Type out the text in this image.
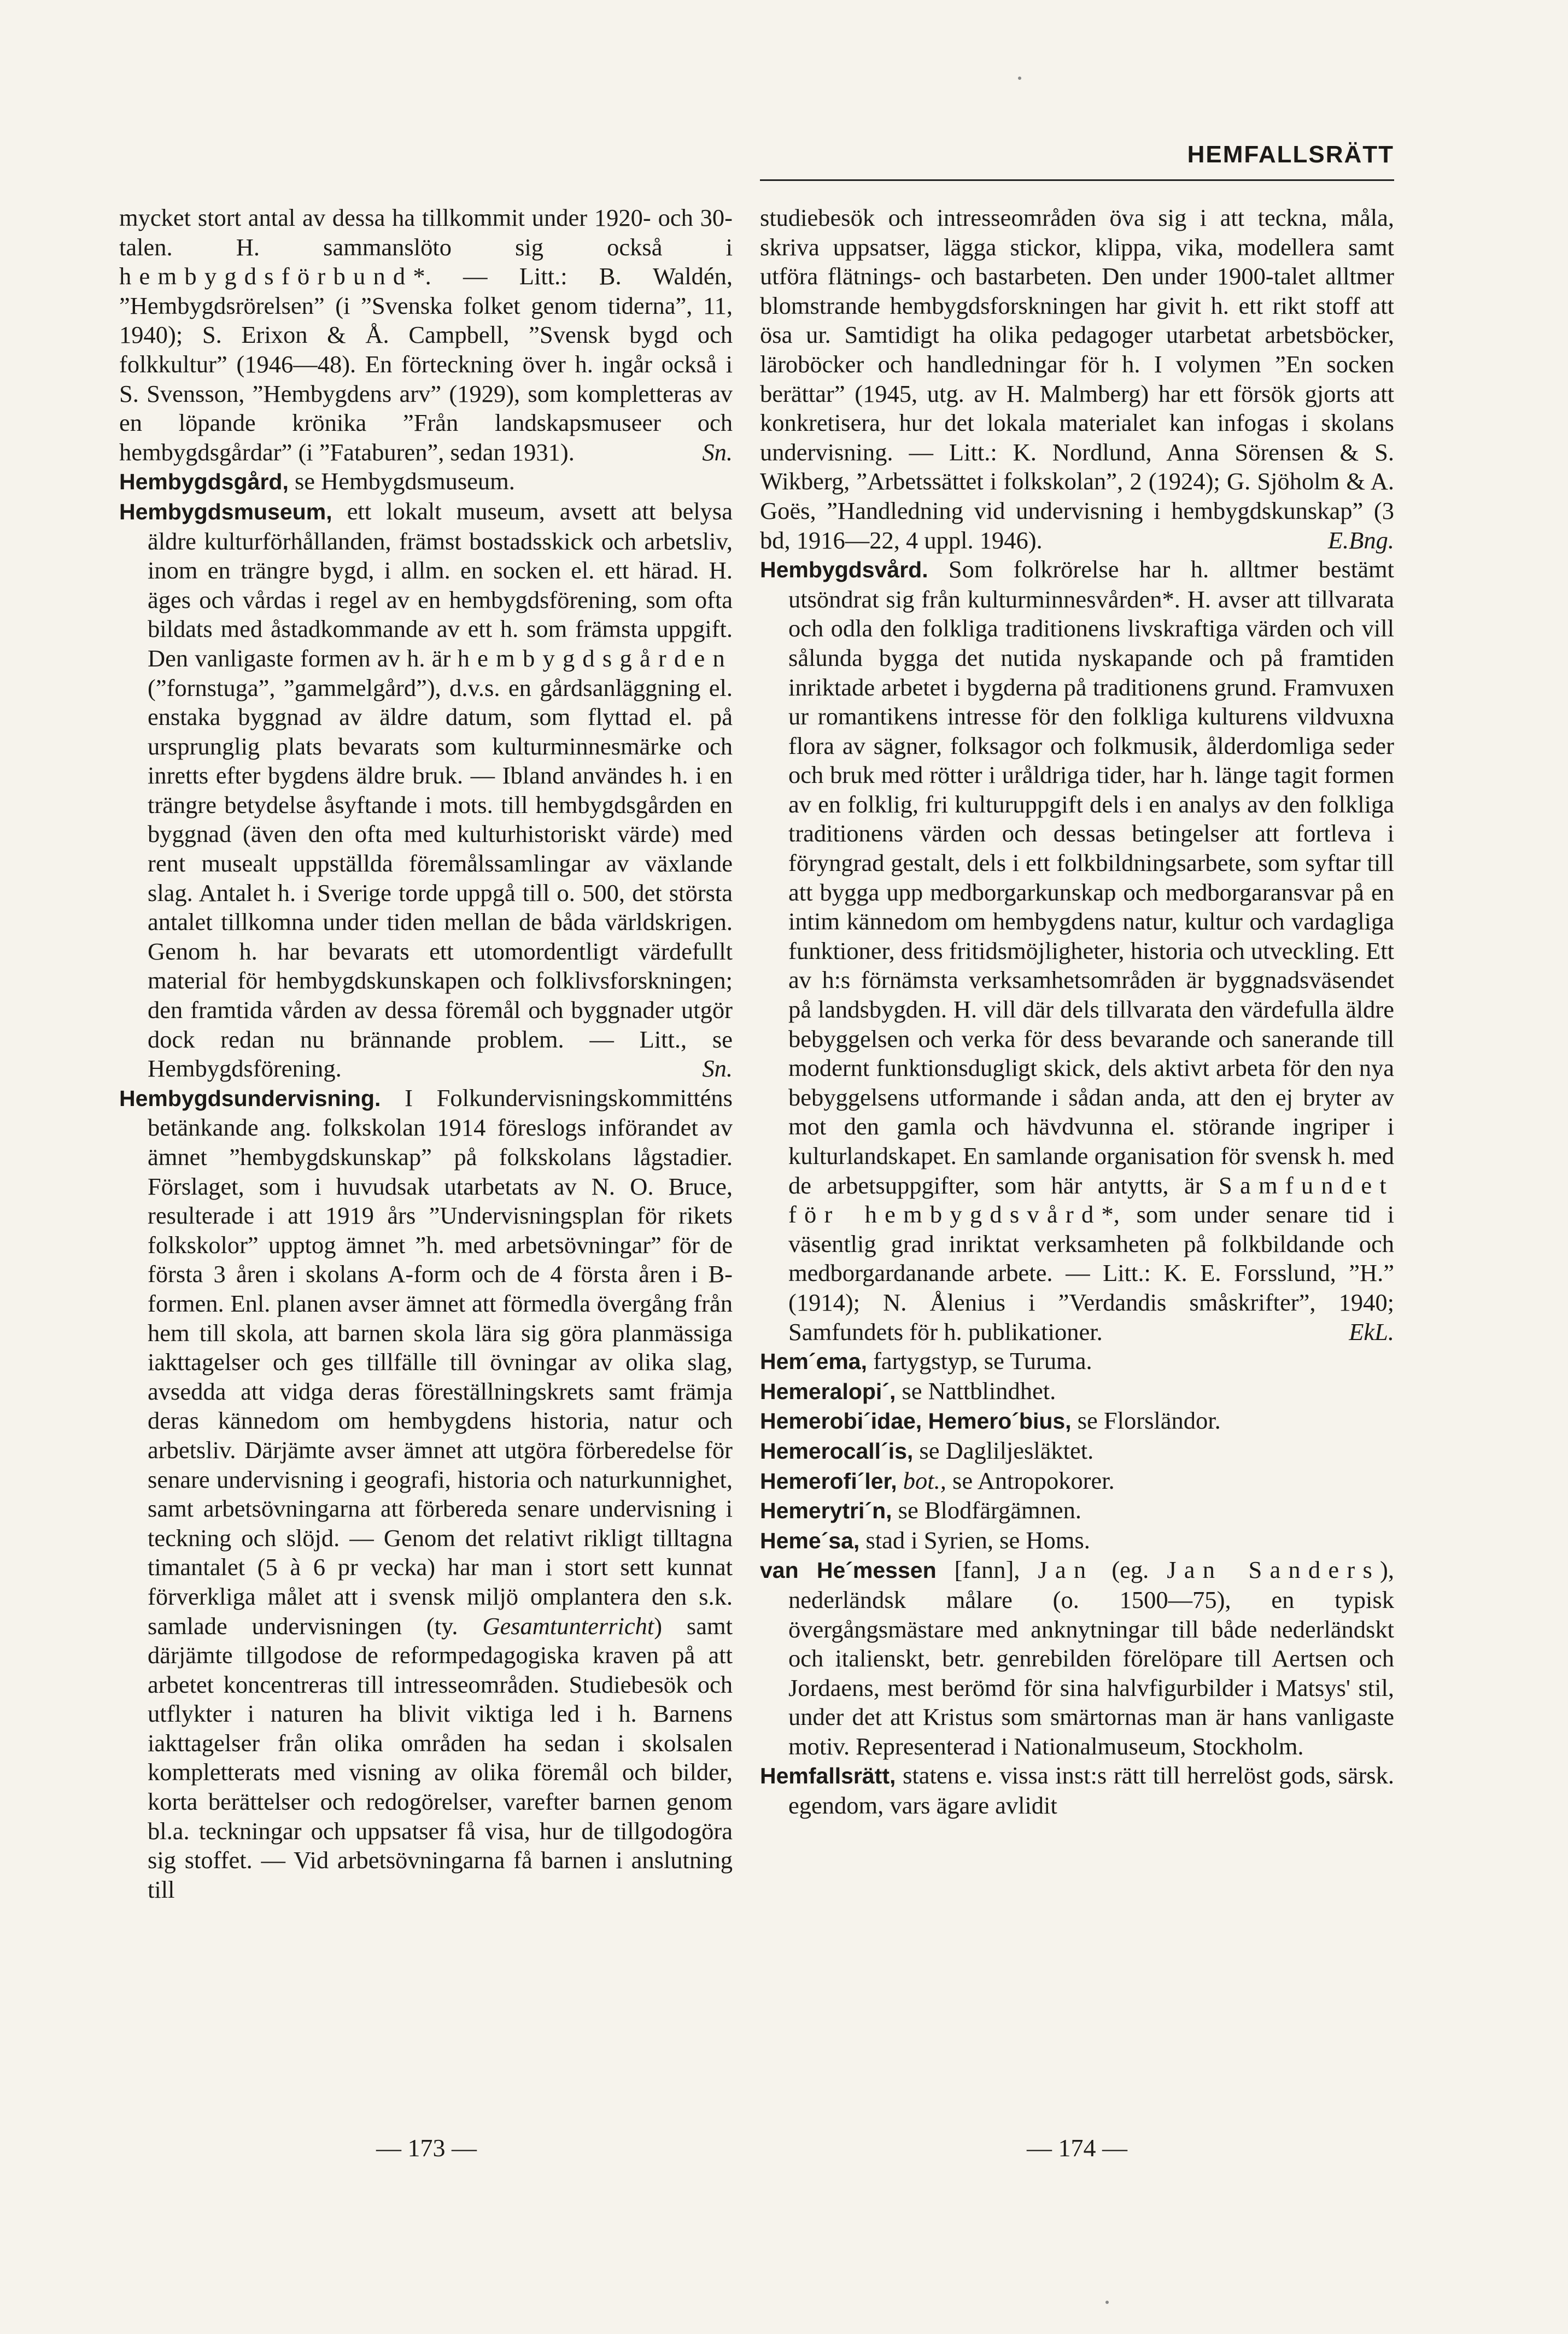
HEMFALLSRÄTT

mycket stort antal av dessa ha tillkommit under 1920- och 30-talen. H. sammanslöto sig också i hembygdsförbund*. — Litt.: B. Waldén, ”Hembygdsrörelsen” (i ”Svenska folket genom tiderna”, 11, 1940); S. Erixon & Å. Campbell, ”Svensk bygd och folkkultur” (1946—48). En förteckning över h. ingår också i S. Svensson, ”Hembygdens arv” (1929), som kompletteras av en löpande krönika ”Från landskapsmuseer och hembygdsgårdar” (i ”Fataburen”, sedan 1931).	Sn.

Hembygdsgård, se Hembygdsmuseum.

Hembygdsmuseum, ett lokalt museum, avsett att belysa äldre kulturförhållanden, främst bostadsskick och arbetsliv, inom en trängre bygd, i allm. en socken el. ett härad. H. äges och vårdas i regel av en hembygdsförening, som ofta bildats med åstadkommande av ett h. som främsta uppgift. Den vanligaste formen av h. är hembygdsgården (”fornstuga”, ”gammelgård”), d.v.s. en gårdsanläggning el. enstaka byggnad av äldre datum, som flyttad el. på ursprunglig plats bevarats som kulturminnesmärke och inretts efter bygdens äldre bruk. — Ibland användes h. i en trängre betydelse åsyftande i mots. till hembygdsgården en byggnad (även den ofta med kulturhistoriskt värde) med rent musealt uppställda föremålssamlingar av växlande slag. Antalet h. i Sverige torde uppgå till o. 500, det största antalet tillkomna under tiden mellan de båda världskrigen. Genom h. har bevarats ett utomordentligt värdefullt material för hembygdskunskapen och folklivsforskningen; den framtida vården av dessa föremål och byggnader utgör dock redan nu brännande problem. — Litt., se Hembygdsförening.	Sn.

Hembygdsundervisning. I Folkundervisningskommitténs betänkande ang. folkskolan 1914 föreslogs införandet av ämnet ”hembygdskunskap” på folkskolans lågstadier. Förslaget, som i huvudsak utarbetats av N. O. Bruce, resulterade i att 1919 års ”Undervisningsplan för rikets folkskolor” upptog ämnet ”h. med arbetsövningar” för de första 3 åren i skolans A-form och de 4 första åren i B-formen. Enl. planen avser ämnet att förmedla övergång från hem till skola, att barnen skola lära sig göra planmässiga iakttagelser och ges tillfälle till övningar av olika slag, avsedda att vidga deras föreställningskrets samt främja deras kännedom om hembygdens historia, natur och arbetsliv. Därjämte avser ämnet att utgöra förberedelse för senare undervisning i geografi, historia och naturkunnighet, samt arbetsövningarna att förbereda senare undervisning i teckning och slöjd. — Genom det relativt rikligt tilltagna timantalet (5 à 6 pr vecka) har man i stort sett kunnat förverkliga målet att i svensk miljö omplantera den s.k. samlade undervisningen (ty. Gesamtunterricht) samt därjämte tillgodose de reformpedagogiska kraven på att arbetet koncentreras till intresseområden. Studiebesök och utflykter i naturen ha blivit viktiga led i h. Barnens iakttagelser från olika områden ha sedan i skolsalen kompletterats med visning av olika föremål och bilder, korta berättelser och redogörelser, varefter barnen genom bl.a. teckningar och uppsatser få visa, hur de tillgodogöra sig stoffet. — Vid arbetsövningarna få barnen i anslutning till

studiebesök och intresseområden öva sig i att teckna, måla, skriva uppsatser, lägga stickor, klippa, vika, modellera samt utföra flätnings- och bastarbeten. Den under 1900-talet alltmer blomstrande hembygdsforskningen har givit h. ett rikt stoff att ösa ur. Samtidigt ha olika pedagoger utarbetat arbetsböcker, läroböcker och handledningar för h. I volymen ”En socken berättar” (1945, utg. av H. Malmberg) har ett försök gjorts att konkretisera, hur det lokala materialet kan infogas i skolans undervisning. — Litt.: K. Nordlund, Anna Sörensen & S. Wikberg, ”Arbetssättet i folkskolan”, 2 (1924); G. Sjöholm & A. Goës, ”Handledning vid undervisning i hembygdskunskap” (3 bd, 1916—22, 4 uppl. 1946).	E.Bng.

Hembygdsvård. Som folkrörelse har h. alltmer bestämt utsöndrat sig från kulturminnesvården*. H. avser att tillvarata och odla den folkliga traditionens livskraftiga värden och vill sålunda bygga det nutida nyskapande och på framtiden inriktade arbetet i bygderna på traditionens grund. Framvuxen ur romantikens intresse för den folkliga kulturens vildvuxna flora av sägner, folksagor och folkmusik, ålderdomliga seder och bruk med rötter i uråldriga tider, har h. länge tagit formen av en folklig, fri kulturuppgift dels i en analys av den folkliga traditionens värden och dessas betingelser att fortleva i föryngrad gestalt, dels i ett folkbildningsarbete, som syftar till att bygga upp medborgarkunskap och medborgaransvar på en intim kännedom om hembygdens natur, kultur och vardagliga funktioner, dess fritidsmöjligheter, historia och utveckling. Ett av h:s förnämsta verksamhetsområden är byggnadsväsendet på landsbygden. H. vill där dels tillvarata den värdefulla äldre bebyggelsen och verka för dess bevarande och sanerande till modernt funktionsdugligt skick, dels aktivt arbeta för den nya bebyggelsens utformande i sådan anda, att den ej bryter av mot den gamla och hävdvunna el. störande ingriper i kulturlandskapet. En samlande organisation för svensk h. med de arbetsuppgifter, som här antytts, är Samfundet för hembygdsvård*, som under senare tid i väsentlig grad inriktat verksamheten på folkbildande och medborgardanande arbete. — Litt.: K. E. Forsslund, ”H.” (1914); N. Ålenius i ”Verdandis småskrifter”, 1940; Samfundets för h. publikationer.	EkL.

Hem´ema, fartygstyp, se Turuma.

Hemeralopi´, se Nattblindhet.

Hemerobi´idae, Hemero´bius, se Florsländor.

Hemerocall´is, se Dagliljesläktet.

Hemerofi´ler, bot., se Antropokorer.

Hemerytri´n, se Blodfärgämnen.

Heme´sa, stad i Syrien, se Homs.

van He´messen [fann], Jan (eg. Jan Sanders), nederländsk målare (o. 1500—75), en typisk övergångsmästare med anknytningar till både nederländskt och italienskt, betr. genrebilden förelöpare till Aertsen och Jordaens, mest berömd för sina halvfigurbilder i Matsys' stil, under det att Kristus som smärtornas man är hans vanligaste motiv. Representerad i Nationalmuseum, Stockholm.

Hemfallsrätt, statens e. vissa inst:s rätt till herrelöst gods, särsk. egendom, vars ägare avlidit

— 173 —	— 174 —
